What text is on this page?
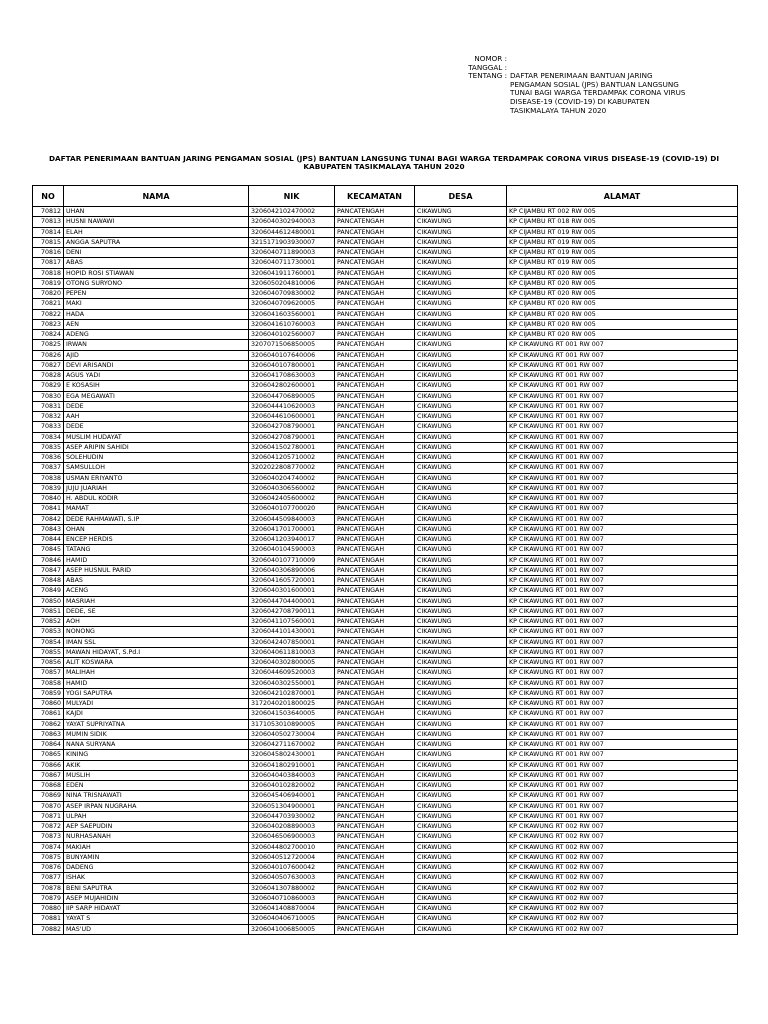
NOMOR :
TANGGAL :
TENTANG : DAFTAR PENERIMAAN BANTUAN JARING
PENGAMAN SOSIAL (JPS) BANTUAN LANGSUNG
TUNAI BAGI WARGA TERDAMPAK CORONA VIRUS
DISEASE-19 (COVID-19) DI KABUPATEN
TASIKMALAYA TAHUN 2020
DAFTAR PENERIMAAN BANTUAN JARING PENGAMAN SOSIAL (JPS) BANTUAN LANGSUNG TUNAI BAGI WARGA TERDAMPAK CORONA VIRUS DISEASE-19 (COVID-19) DI KABUPATEN TASIKMALAYA TAHUN 2020
NO	NAMA	NIK	KECAMATAN	DESA	ALAMAT
70812	UHAN	3206042102470002	PANCATENGAH	CIKAWUNG	KP CIJAMBU RT 002 RW 005
70813	HUSNI NAWAWI	3206040302940003	PANCATENGAH	CIKAWUNG	KP CIJAMBU RT 018 RW 005
70814	ELAH	3206044612480001	PANCATENGAH	CIKAWUNG	KP CIJAMBU RT 019 RW 005
70815	ANGGA SAPUTRA	3215171903930007	PANCATENGAH	CIKAWUNG	KP CIJAMBU RT 019 RW 005
70816	DENI	3206040711890003	PANCATENGAH	CIKAWUNG	KP CIJAMBU RT 019 RW 005
70817	ABAS	3206040711730001	PANCATENGAH	CIKAWUNG	KP CIJAMBU RT 019 RW 005
70818	HOPID ROSI STIAWAN	3206041911760001	PANCATENGAH	CIKAWUNG	KP CIJAMBU RT 020 RW 005
70819	OTONG SURYONO	3206050204810006	PANCATENGAH	CIKAWUNG	KP CIJAMBU RT 020 RW 005
70820	PEPEN	3206040709830002	PANCATENGAH	CIKAWUNG	KP CIJAMBU RT 020 RW 005
70821	MAKI	3206040709620005	PANCATENGAH	CIKAWUNG	KP CIJAMBU RT 020 RW 005
70822	HADA	3206041603560001	PANCATENGAH	CIKAWUNG	KP CIJAMBU RT 020 RW 005
70823	AEN	3206041610760003	PANCATENGAH	CIKAWUNG	KP CIJAMBU RT 020 RW 005
70824	ADENG	3206040102560007	PANCATENGAH	CIKAWUNG	KP CIJAMBU RT 020 RW 005
70825	IRWAN	3207071506850005	PANCATENGAH	CIKAWUNG	KP CIKAWUNG RT 001 RW 007
70826	AJID	3206040107640006	PANCATENGAH	CIKAWUNG	KP CIKAWUNG RT 001 RW 007
70827	DEVI ARISANDI	3206040107800001	PANCATENGAH	CIKAWUNG	KP CIKAWUNG RT 001 RW 007
70828	AGUS YADI	3206041708630003	PANCATENGAH	CIKAWUNG	KP CIKAWUNG RT 001 RW 007
70829	E KOSASIH	3206042802600001	PANCATENGAH	CIKAWUNG	KP CIKAWUNG RT 001 RW 007
70830	EGA MEGAWATI	3206044706890005	PANCATENGAH	CIKAWUNG	KP CIKAWUNG RT 001 RW 007
70831	DEDE	3206044410620003	PANCATENGAH	CIKAWUNG	KP CIKAWUNG RT 001 RW 007
70832	AAH	3206044610600001	PANCATENGAH	CIKAWUNG	KP CIKAWUNG RT 001 RW 007
70833	DEDE	3206042708790001	PANCATENGAH	CIKAWUNG	KP CIKAWUNG RT 001 RW 007
70834	MUSLIM HUDAYAT	3206042708790001	PANCATENGAH	CIKAWUNG	KP CIKAWUNG RT 001 RW 007
70835	ASEP ARIPIN SAHIDI	3206041502780001	PANCATENGAH	CIKAWUNG	KP CIKAWUNG RT 001 RW 007
70836	SOLEHUDIN	3206041205710002	PANCATENGAH	CIKAWUNG	KP CIKAWUNG RT 001 RW 007
70837	SAMSULLOH	3202022808770002	PANCATENGAH	CIKAWUNG	KP CIKAWUNG RT 001 RW 007
70838	USMAN ERIYANTO	3206040204740002	PANCATENGAH	CIKAWUNG	KP CIKAWUNG RT 001 RW 007
70839	JUJU JUARIAH	3206040306560002	PANCATENGAH	CIKAWUNG	KP CIKAWUNG RT 001 RW 007
70840	H. ABDUL KODIR	3206042405600002	PANCATENGAH	CIKAWUNG	KP CIKAWUNG RT 001 RW 007
70841	MAMAT	3206040107700020	PANCATENGAH	CIKAWUNG	KP CIKAWUNG RT 001 RW 007
70842	DEDE RAHMAWATI, S.IP	3206044509840003	PANCATENGAH	CIKAWUNG	KP CIKAWUNG RT 001 RW 007
70843	OHAN	3206041701700001	PANCATENGAH	CIKAWUNG	KP CIKAWUNG RT 001 RW 007
70844	ENCEP HERDIS	3206041203940017	PANCATENGAH	CIKAWUNG	KP CIKAWUNG RT 001 RW 007
70845	TATANG	3206040104590003	PANCATENGAH	CIKAWUNG	KP CIKAWUNG RT 001 RW 007
70846	HAMID	3206040107710009	PANCATENGAH	CIKAWUNG	KP CIKAWUNG RT 001 RW 007
70847	ASEP HUSNUL PARID	3206040306890006	PANCATENGAH	CIKAWUNG	KP CIKAWUNG RT 001 RW 007
70848	ABAS	3206041605720001	PANCATENGAH	CIKAWUNG	KP CIKAWUNG RT 001 RW 007
70849	ACENG	3206040301600001	PANCATENGAH	CIKAWUNG	KP CIKAWUNG RT 001 RW 007
70850	MASRIAH	3206044704400001	PANCATENGAH	CIKAWUNG	KP CIKAWUNG RT 001 RW 007
70851	DEDE, SE	3206042708790011	PANCATENGAH	CIKAWUNG	KP CIKAWUNG RT 001 RW 007
70852	AOH	3206041107560001	PANCATENGAH	CIKAWUNG	KP CIKAWUNG RT 001 RW 007
70853	NONONG	3206044101430001	PANCATENGAH	CIKAWUNG	KP CIKAWUNG RT 001 RW 007
70854	IMAN SSL	3206042407850001	PANCATENGAH	CIKAWUNG	KP CIKAWUNG RT 001 RW 007
70855	MAWAN HIDAYAT, S.Pd.I	3206040611810003	PANCATENGAH	CIKAWUNG	KP CIKAWUNG RT 001 RW 007
70856	ALIT KOSWARA	3206040302800005	PANCATENGAH	CIKAWUNG	KP CIKAWUNG RT 001 RW 007
70857	MALIHAH	3206044609520003	PANCATENGAH	CIKAWUNG	KP CIKAWUNG RT 001 RW 007
70858	HAMID	3206040302550001	PANCATENGAH	CIKAWUNG	KP CIKAWUNG RT 001 RW 007
70859	YOGI SAPUTRA	3206042102870001	PANCATENGAH	CIKAWUNG	KP CIKAWUNG RT 001 RW 007
70860	MULYADI	3172040201800025	PANCATENGAH	CIKAWUNG	KP CIKAWUNG RT 001 RW 007
70861	KAJDI	3206041503640005	PANCATENGAH	CIKAWUNG	KP CIKAWUNG RT 001 RW 007
70862	YAYAT SUPRIYATNA	3171053010890005	PANCATENGAH	CIKAWUNG	KP CIKAWUNG RT 001 RW 007
70863	MUMIN SIDIK	3206040502730004	PANCATENGAH	CIKAWUNG	KP CIKAWUNG RT 001 RW 007
70864	NANA SURYANA	3206042711670002	PANCATENGAH	CIKAWUNG	KP CIKAWUNG RT 001 RW 007
70865	KINING	3206045802430001	PANCATENGAH	CIKAWUNG	KP CIKAWUNG RT 001 RW 007
70866	AKIK	3206041802910001	PANCATENGAH	CIKAWUNG	KP CIKAWUNG RT 001 RW 007
70867	MUSLIH	3206040403840003	PANCATENGAH	CIKAWUNG	KP CIKAWUNG RT 001 RW 007
70868	EDEN	3206040102820002	PANCATENGAH	CIKAWUNG	KP CIKAWUNG RT 001 RW 007
70869	NINA TRISNAWATI	3206045406940001	PANCATENGAH	CIKAWUNG	KP CIKAWUNG RT 001 RW 007
70870	ASEP IRPAN NUGRAHA	3206051304900001	PANCATENGAH	CIKAWUNG	KP CIKAWUNG RT 001 RW 007
70871	ULPAH	3206044703930002	PANCATENGAH	CIKAWUNG	KP CIKAWUNG RT 001 RW 007
70872	AEP SAEPUDIN	3206040208890003	PANCATENGAH	CIKAWUNG	KP CIKAWUNG RT 002 RW 007
70873	NURHASANAH	3206046506900003	PANCATENGAH	CIKAWUNG	KP CIKAWUNG RT 002 RW 007
70874	MAKIAH	3206044802700010	PANCATENGAH	CIKAWUNG	KP CIKAWUNG RT 002 RW 007
70875	BUNYAMIN	3206040512720004	PANCATENGAH	CIKAWUNG	KP CIKAWUNG RT 002 RW 007
70876	DADENG	3206040107600042	PANCATENGAH	CIKAWUNG	KP CIKAWUNG RT 002 RW 007
70877	ISHAK	3206040507630003	PANCATENGAH	CIKAWUNG	KP CIKAWUNG RT 002 RW 007
70878	BENI SAPUTRA	3206041307880002	PANCATENGAH	CIKAWUNG	KP CIKAWUNG RT 002 RW 007
70879	ASEP MUJAHIDIN	3206040710860003	PANCATENGAH	CIKAWUNG	KP CIKAWUNG RT 002 RW 007
70880	IIP SARP HIDAYAT	3206041408870004	PANCATENGAH	CIKAWUNG	KP CIKAWUNG RT 002 RW 007
70881	YAYAT S	3206040406710005	PANCATENGAH	CIKAWUNG	KP CIKAWUNG RT 002 RW 007
70882	MAS'UD	3206041006850005	PANCATENGAH	CIKAWUNG	KP CIKAWUNG RT 002 RW 007
